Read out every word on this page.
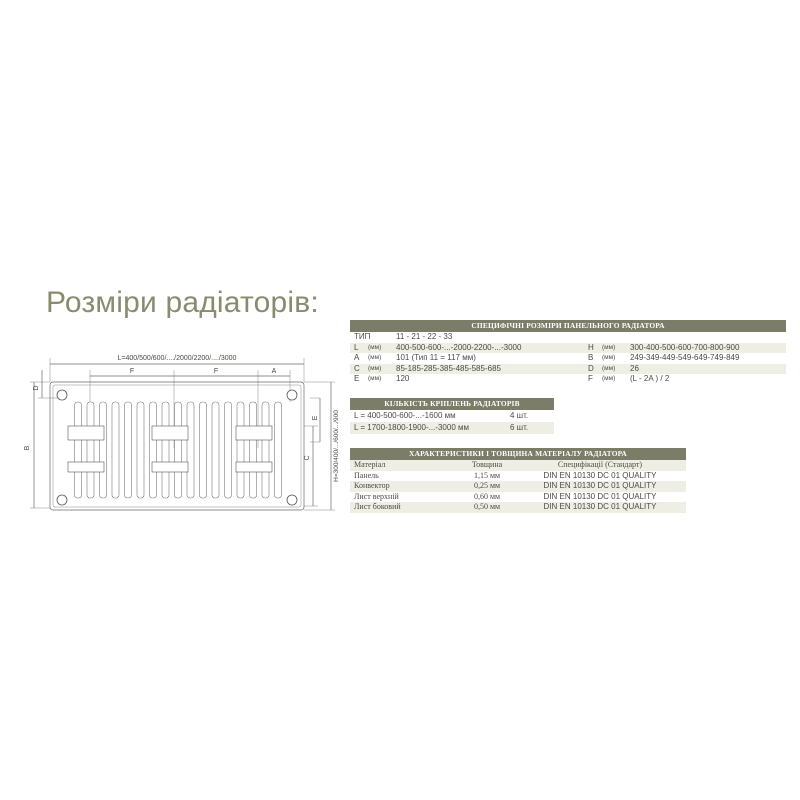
Розміри радіаторів:
L=400/500/600/..../2000/2200/..../3000
F	F	A
B
D
E
C	H=300/400/.../600/.../900
СПЕЦИФІЧНІ РОЗМІРИ ПАНЕЛЬНОГО РАДІАТОРА
ТИП	11 - 21 - 22 - 33
L	(мм)	400-500-600-...-2000-2200-...-3000	H	(мм)	300-400-500-600-700-800-900
A	(мм)	101 (Тип 11 = 117 мм)	B	(мм)	249-349-449-549-649-749-849
C	(мм)	85-185-285-385-485-585-685	D	(мм)	26
E	(мм)	120	F	(мм)	(L - 2A ) / 2
КІЛЬКІСТЬ КРІПЛЕНЬ РАДІАТОРІВ
L = 400-500-600-...-1600 мм	4 шт.
L = 1700-1800-1900-...-3000 мм	6 шт.
ХАРАКТЕРИСТИКИ І ТОВЩИНА МАТЕРІАЛУ РАДІАТОРА
Матеріал	Товщина	Специфікації (Стандарт)
Панель	1,15 мм	DIN EN 10130 DC 01 QUALITY
Конвектор	0,25 мм	DIN EN 10130 DC 01 QUALITY
Лист верхній	0,60 мм	DIN EN 10130 DC 01 QUALITY
Лист боковий	0,50 мм	DIN EN 10130 DC 01 QUALITY
